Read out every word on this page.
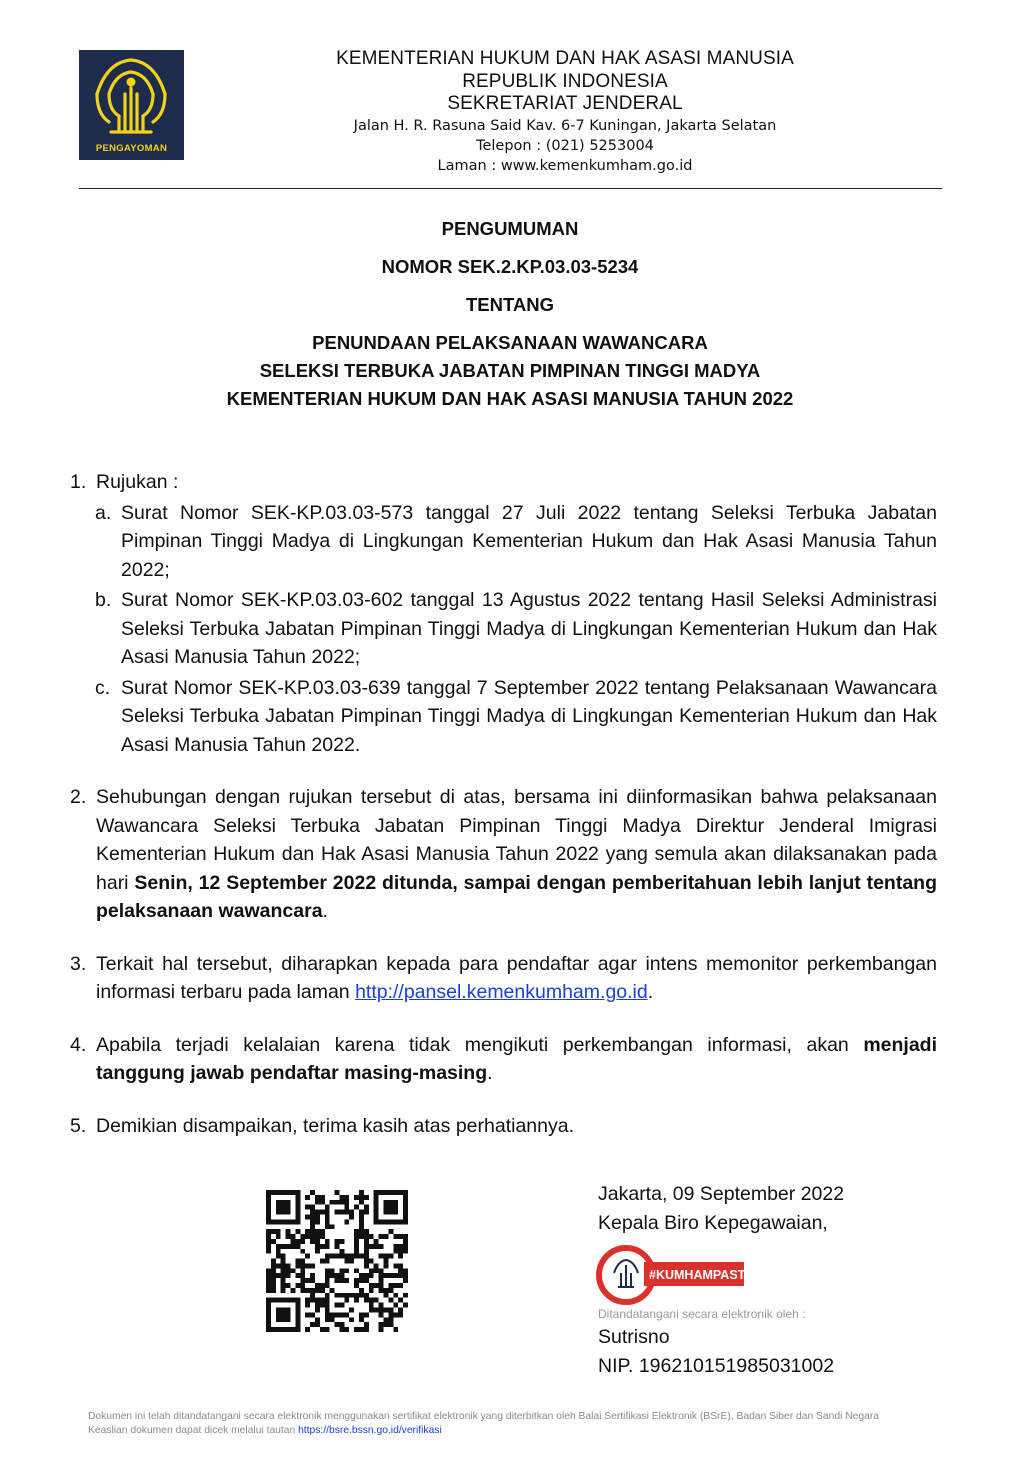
PENGAYOMAN
KEMENTERIAN HUKUM DAN HAK ASASI MANUSIA
REPUBLIK INDONESIA
SEKRETARIAT JENDERAL
Jalan H. R. Rasuna Said Kav. 6-7 Kuningan, Jakarta Selatan
Telepon : (021) 5253004
Laman : www.kemenkumham.go.id
PENGUMUMAN
NOMOR SEK.2.KP.03.03-5234
TENTANG
PENUNDAAN PELAKSANAAN WAWANCARA
SELEKSI TERBUKA JABATAN PIMPINAN TINGGI MADYA
KEMENTERIAN HUKUM DAN HAK ASASI MANUSIA TAHUN 2022
1. Rujukan :
a. Surat Nomor SEK-KP.03.03-573 tanggal 27 Juli 2022 tentang Seleksi Terbuka Jabatan Pimpinan Tinggi Madya di Lingkungan Kementerian Hukum dan Hak Asasi Manusia Tahun 2022;
b. Surat Nomor SEK-KP.03.03-602 tanggal 13 Agustus 2022 tentang Hasil Seleksi Administrasi Seleksi Terbuka Jabatan Pimpinan Tinggi Madya di Lingkungan Kementerian Hukum dan Hak Asasi Manusia Tahun 2022;
c. Surat Nomor SEK-KP.03.03-639 tanggal 7 September 2022 tentang Pelaksanaan Wawancara Seleksi Terbuka Jabatan Pimpinan Tinggi Madya di Lingkungan Kementerian Hukum dan Hak Asasi Manusia Tahun 2022.
2. Sehubungan dengan rujukan tersebut di atas, bersama ini diinformasikan bahwa pelaksanaan Wawancara Seleksi Terbuka Jabatan Pimpinan Tinggi Madya Direktur Jenderal Imigrasi Kementerian Hukum dan Hak Asasi Manusia Tahun 2022 yang semula akan dilaksanakan pada hari Senin, 12 September 2022 ditunda, sampai dengan pemberitahuan lebih lanjut tentang pelaksanaan wawancara.
3. Terkait hal tersebut, diharapkan kepada para pendaftar agar intens memonitor perkembangan informasi terbaru pada laman http://pansel.kemenkumham.go.id.
4. Apabila terjadi kelalaian karena tidak mengikuti perkembangan informasi, akan menjadi tanggung jawab pendaftar masing-masing.
5. Demikian disampaikan, terima kasih atas perhatiannya.
Jakarta, 09 September 2022
Kepala Biro Kepegawaian,
#KUMHAMPASTI
Ditandatangani secara elektronik oleh :
Sutrisno
NIP. 196210151985031002
Dokumen ini telah ditandatangani secara elektronik menggunakan sertifikat elektronik yang diterbitkan oleh Balai Sertifikasi Elektronik (BSrE), Badan Siber dan Sandi Negara
Keaslian dokumen dapat dicek melalui tautan https://bsre.bssn.go.id/verifikasi
